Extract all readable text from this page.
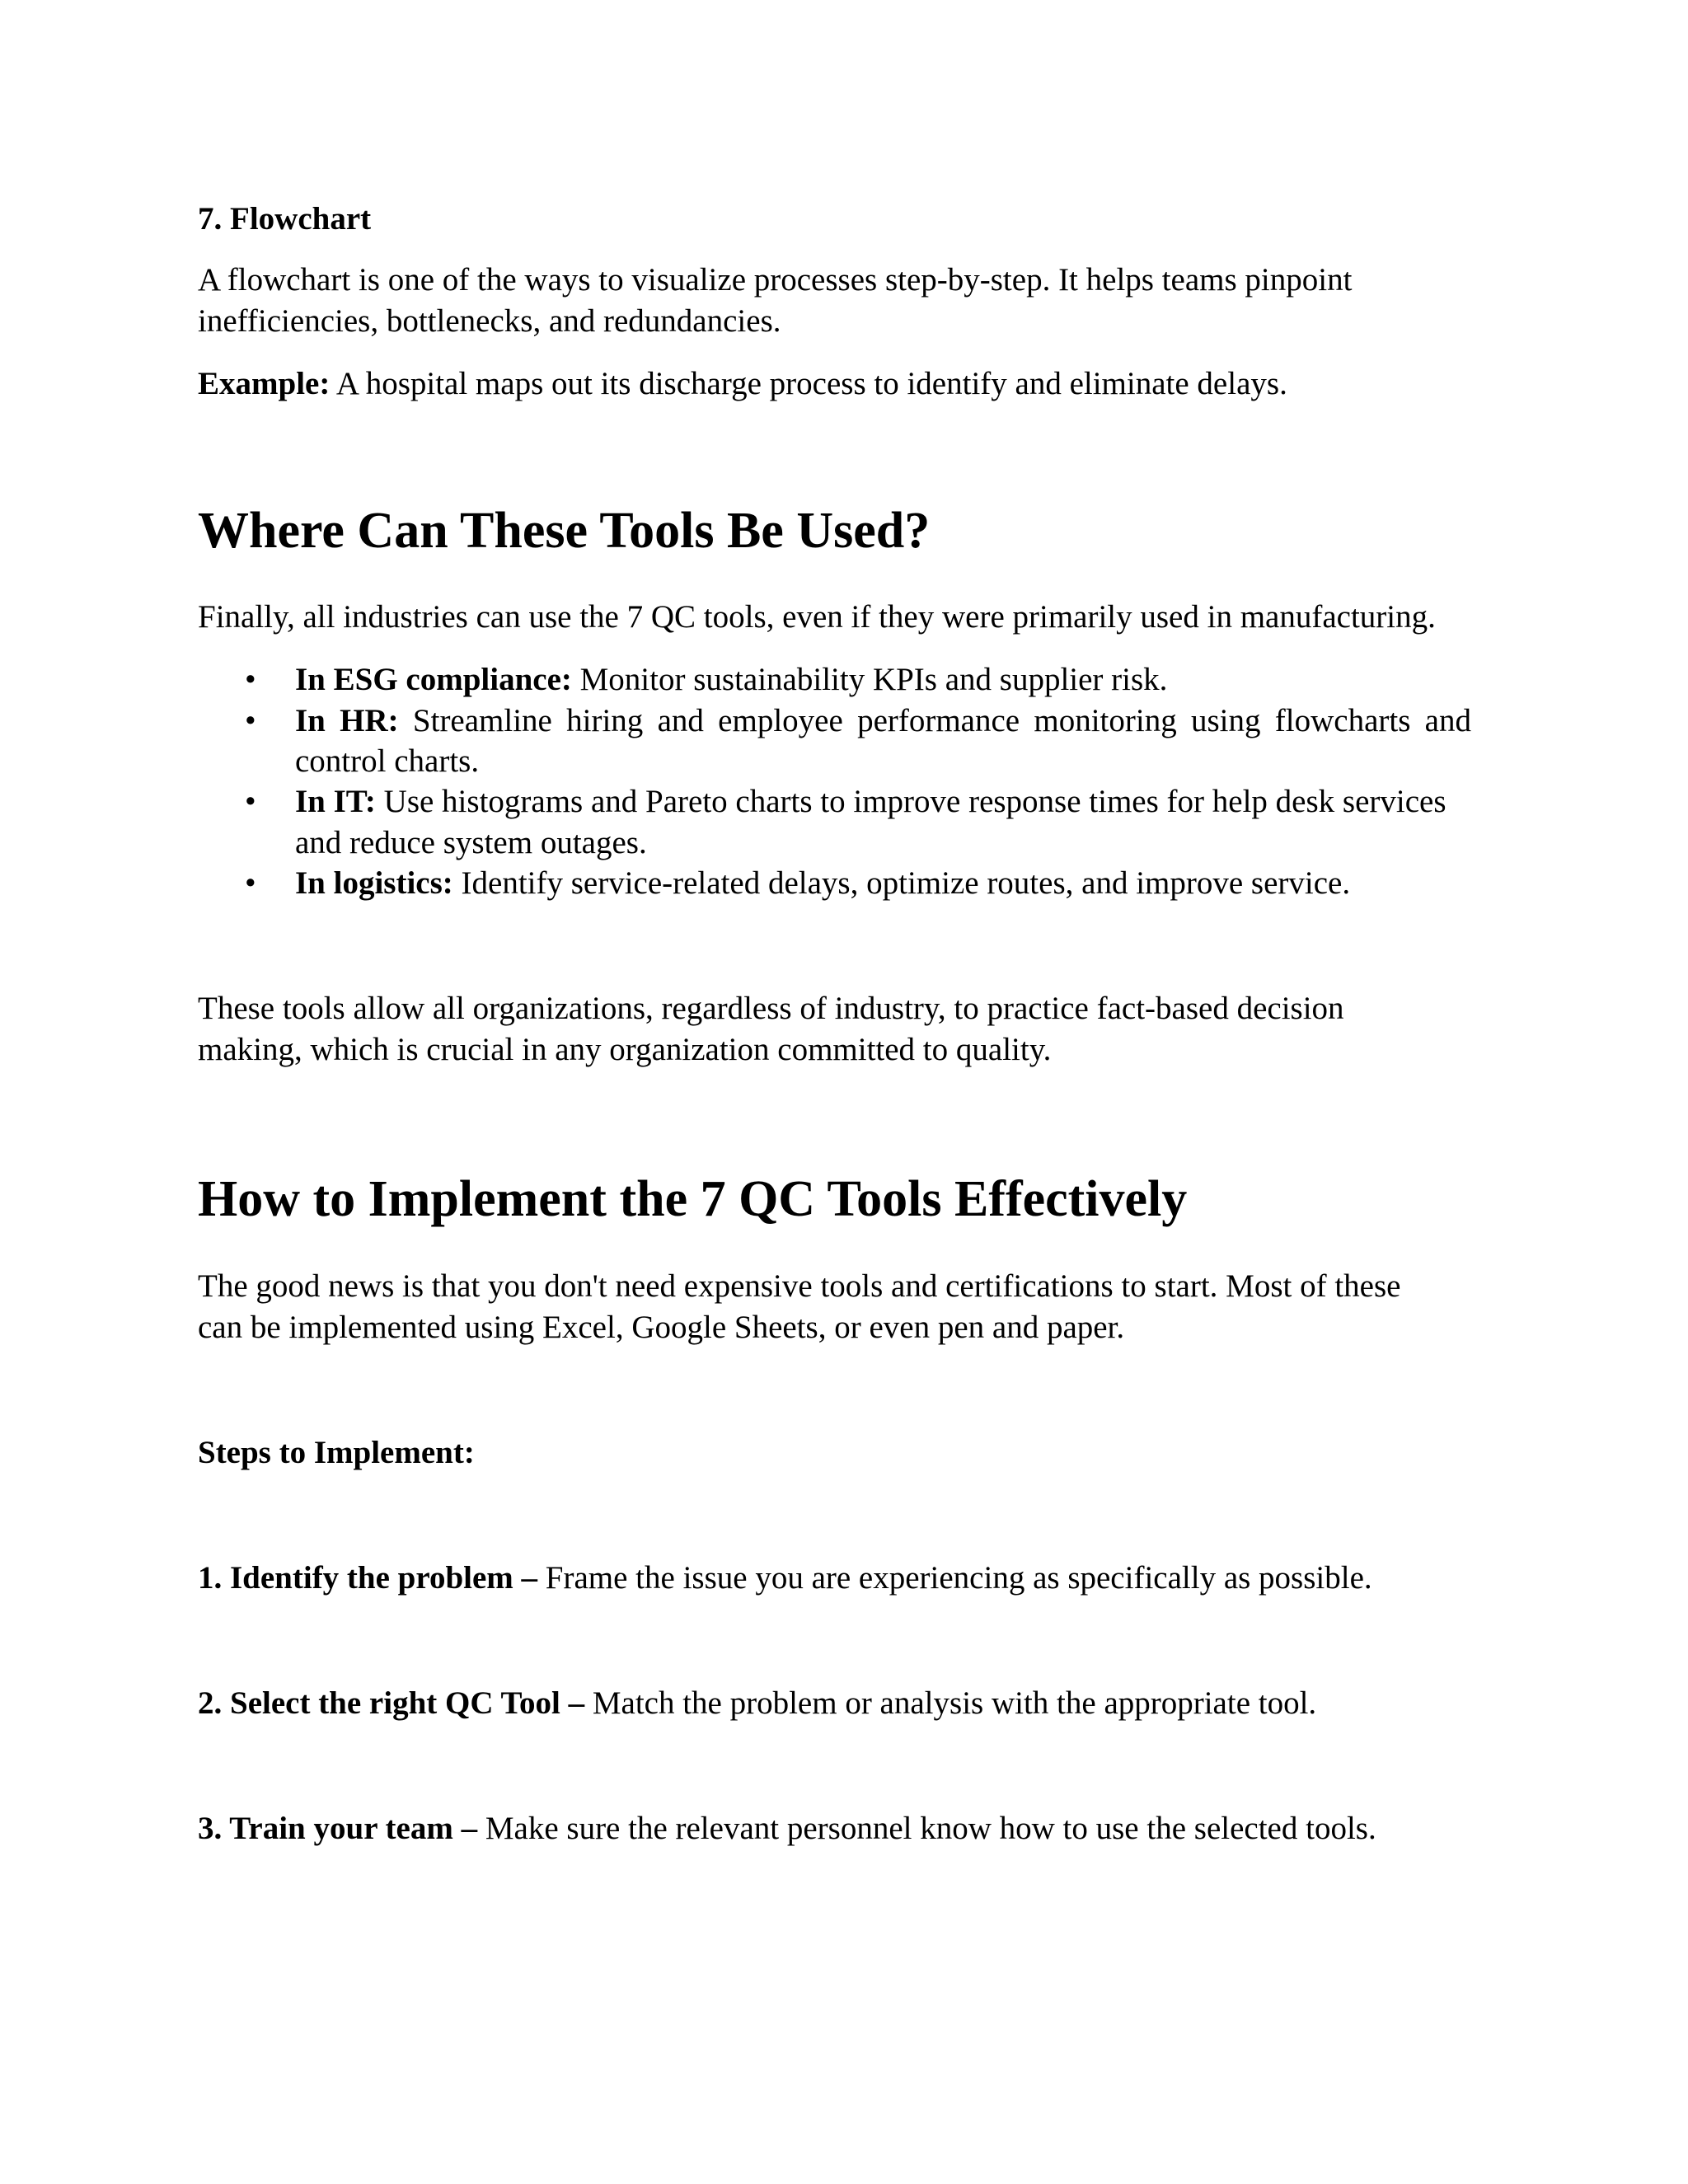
7. Flowchart
A flowchart is one of the ways to visualize processes step-by-step. It helps teams pinpoint
inefficiencies, bottlenecks, and redundancies.
Example: A hospital maps out its discharge process to identify and eliminate delays.
Where Can These Tools Be Used?
Finally, all industries can use the 7 QC tools, even if they were primarily used in manufacturing.
• In ESG compliance: Monitor sustainability KPIs and supplier risk.
• In HR: Streamline hiring and employee performance monitoring using flowcharts and
control charts.
• In IT: Use histograms and Pareto charts to improve response times for help desk services
and reduce system outages.
• In logistics: Identify service-related delays, optimize routes, and improve service.
These tools allow all organizations, regardless of industry, to practice fact-based decision
making, which is crucial in any organization committed to quality.
How to Implement the 7 QC Tools Effectively
The good news is that you don't need expensive tools and certifications to start. Most of these
can be implemented using Excel, Google Sheets, or even pen and paper.
Steps to Implement:
1. Identify the problem – Frame the issue you are experiencing as specifically as possible.
2. Select the right QC Tool – Match the problem or analysis with the appropriate tool.
3. Train your team – Make sure the relevant personnel know how to use the selected tools.
